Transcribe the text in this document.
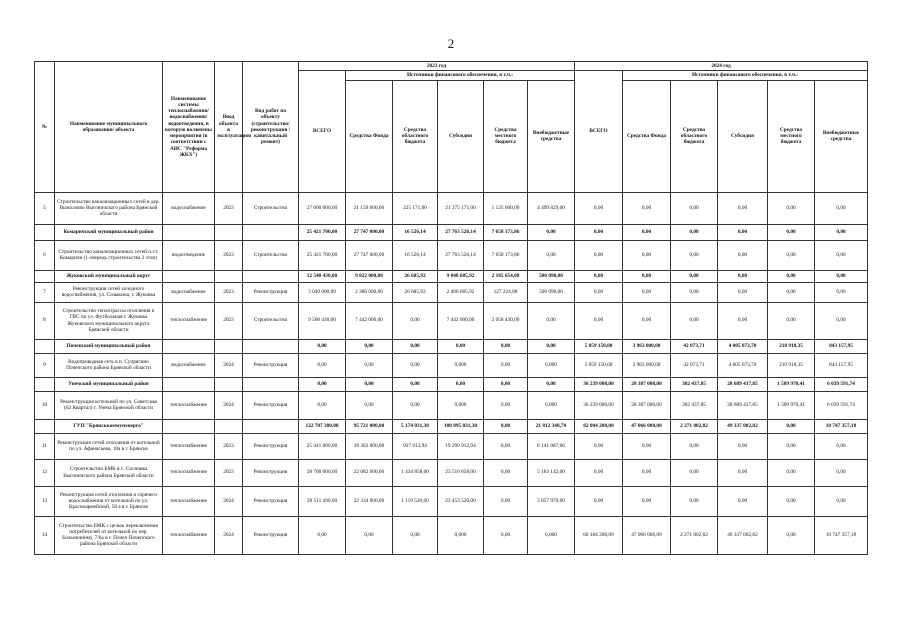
2
№	Наименование муниципального образования/ объекта	Наименование системы теплоснабжения/водоснабжения/водоотведения, в которую включены мероприятия (в соответствии с АИС "Реформа ЖКХ")	Ввод объекта в эксплуатацию	Вид работ по объекту (строительство/ реконструкция / капитальный ремонт)	2023 год						2024 год					
					ВСЕГО	Источники финансового обеспечения, в т.ч.:					ВСЕГО	Источники финансового обеспечения, в т.ч.:				
						Средства Фонда	Средства областного бюджета	Субсидия	Средства местного бюджета	Внебюджетные средства		Средства Фонда	Средства областного бюджета	Субсидия	Средства местного бюджета	Внебюджетные средства
5	Строительство канализационных сетей в дер. Выползово Выгоничского района Брянской области	водоснабжение	2023	Строительство	27 000 000,00	21 150 000,00	225 171,00	21 375 171,00	1 125 000,00	4 499 829,00	0,00	0,00	0,00	0,00	0,00	0,00
	Комаричский муниципальный район				25 421 700,00	27 747 000,00	16 526,14	27 763 526,14	7 658 173,86	0,00	0,00	0,00	0,00	0,00	0,00	0,00
6	Строительство канализационных сетей п.г.т. Комаричи (1 очередь строительства 2 этап)	водоотведение	2023	Строительство	25 421 700,00	27 747 000,00	16 526,14	27 763 526,14	7 658 173,86	0,00	0,00	0,00	0,00	0,00	0,00	0,00
	Жуковский муниципальный округ				12 540 430,00	9 822 000,00	26 685,92	9 848 685,92	2 185 654,08	506 090,00	0,00	0,00	0,00	0,00	0,00	0,00
7	Реконструкция сетей холодного водоснабжения, ул. Созыкина, г. Жуковка	водоснабжение	2023	Реконструкция	3 040 000,00	2 380 000,00	26 685,92	2 406 685,92	127 224,08	506 090,00	0,00	0,00	0,00	0,00	0,00	0,00
8	Строительство теплотрассы отопления к ГВС по ул. Футбольная г. Жуковка Жуковского муниципального округа Брянской области	теплоснабжение	2023	Строительство	9 500 430,00	7 442 000,00	0,00	7 442 000,00	2 058 430,00	0,00	0,00	0,00	0,00	0,00	0,00	0,00
	Почепский муниципальный район				0,00	0,00	0,00	0,00	0,00	0,00	5 059 150,00	3 963 000,00	42 073,71	4 005 073,70	210 918,35	843 157,95
9	Водопроводная сеть в п. Супрягино Почепского района Брянской области	водоснабжение	2024	Реконструкция	0,00	0,00	0,00	0,000	0,00	0,000	5 059 150,00	3 963 000,00	42 073,71	4 005 073,70	210 918,35	843 157,95
	Унечский муниципальный район				0,00	0,00	0,00	0,00	0,00	0,00	36 239 000,00	28 387 000,00	302 437,85	28 689 437,85	1 509 970,41	6 039 591,74
10	Реконструкция котельной по ул. Советская (62 Квартал) г. Унеча Брянской области	теплоснабжение	2024	Реконструкция	0,00	0,00	0,00	0,000	0,00	0,000	36 239 000,00	28 387 000,00	302 437,85	28 689 437,85	1 509 970,41	6 039 591,74
	ГУП "Брянсккоммунэнерго"				122 707 380,00	95 721 000,00	5 174 031,30	100 895 031,30	0,00	21 812 348,70	82 084 200,00	47 066 000,00	2 271 002,82	49 337 002,82	0,00	10 747 357,18
11	Реконструкция сетей отопления от котельной по ул. Афанасьева, 18а в г. Брянске	теплоснабжение	2023	Реконструкция	25 441 000,00	18 362 000,00	937 912,94	19 299 912,94	0,00	6 141 087,06	0,00	0,00	0,00	0,00	0,00	0,00
12	Строительство БМК в с. Сосновка Выгоничского района Брянской области	теплоснабжение	2023	Реконструкция	28 700 000,00	22 082 000,00	1 434 858,00	23 516 858,00	0,00	5 183 142,00	0,00	0,00	0,00	0,00	0,00	0,00
13	Реконструкция сетей отопления и горячего водоснабжения от котельной по ул. Красноармейской, 58 а в г. Брянске	теплоснабжение	2024	Реконструкция	28 511 490,00	22 334 000,00	1 119 520,00	23 453 520,00	0,00	5 057 970,00	0,00	0,00	0,00	0,00	0,00	0,00
14	Строительство БМК с целью переключения потребителей от котельной по пер. Больничному, 7/6а в г. Почеп Почепского района Брянской области	теплоснабжение	2024	Реконструкция	0,00	0,00	0,00	0,000	0,00	0,000	60 184 200,00	47 066 000,00	2 271 002,82	49 337 002,82	0,00	10 747 357,18
